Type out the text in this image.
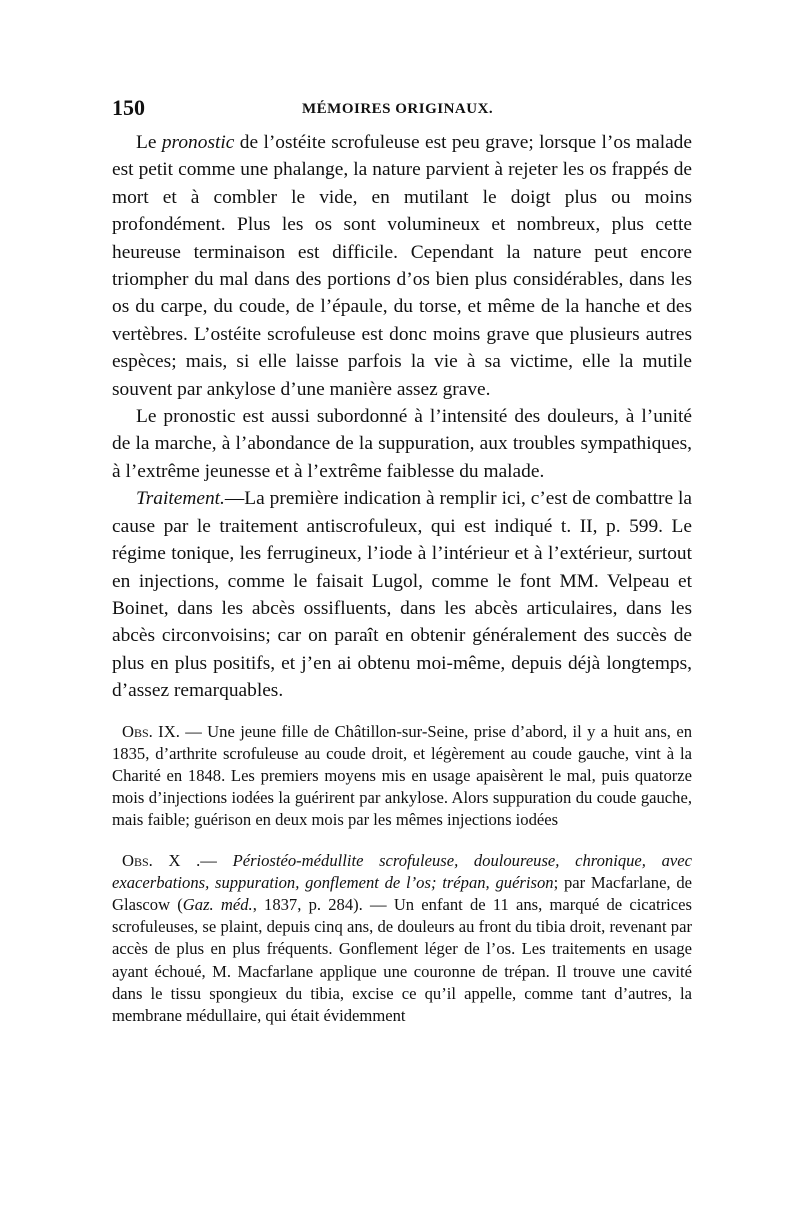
150	MÉMOIRES ORIGINAUX.

Le pronostic de l’ostéite scrofuleuse est peu grave; lorsque l’os malade est petit comme une phalange, la nature parvient à rejeter les os frappés de mort et à combler le vide, en mutilant le doigt plus ou moins profondément. Plus les os sont volumineux et nombreux, plus cette heureuse terminaison est difficile. Cependant la nature peut encore triompher du mal dans des portions d’os bien plus considérables, dans les os du carpe, du coude, de l’épaule, du torse, et même de la hanche et des vertèbres. L’ostéite scrofuleuse est donc moins grave que plusieurs autres espèces; mais, si elle laisse parfois la vie à sa victime, elle la mutile souvent par ankylose d’une manière assez grave.

Le pronostic est aussi subordonné à l’intensité des douleurs, à l’unité de la marche, à l’abondance de la suppuration, aux troubles sympathiques, à l’extrême jeunesse et à l’extrême faiblesse du malade.

Traitement.—La première indication à remplir ici, c’est de combattre la cause par le traitement antiscrofuleux, qui est indiqué t. II, p. 599. Le régime tonique, les ferrugineux, l’iode à l’intérieur et à l’extérieur, surtout en injections, comme le faisait Lugol, comme le font MM. Velpeau et Boinet, dans les abcès ossifluents, dans les abcès articulaires, dans les abcès circonvoisins; car on paraît en obtenir généralement des succès de plus en plus positifs, et j’en ai obtenu moi-même, depuis déjà longtemps, d’assez remarquables.

Obs. IX. — Une jeune fille de Châtillon-sur-Seine, prise d’abord, il y a huit ans, en 1835, d’arthrite scrofuleuse au coude droit, et légèrement au coude gauche, vint à la Charité en 1848. Les premiers moyens mis en usage apaisèrent le mal, puis quatorze mois d’injections iodées la guérirent par ankylose. Alors suppuration du coude gauche, mais faible; guérison en deux mois par les mêmes injections iodées

Obs. X .— Périostéo-médullite scrofuleuse, douloureuse, chronique, avec exacerbations, suppuration, gonflement de l’os; trépan, guérison; par Macfarlane, de Glascow (Gaz. méd., 1837, p. 284). — Un enfant de 11 ans, marqué de cicatrices scrofuleuses, se plaint, depuis cinq ans, de douleurs au front du tibia droit, revenant par accès de plus en plus fréquents. Gonflement léger de l’os. Les traitements en usage ayant échoué, M. Macfarlane applique une couronne de trépan. Il trouve une cavité dans le tissu spongieux du tibia, excise ce qu’il appelle, comme tant d’autres, la membrane médullaire, qui était évidemment
